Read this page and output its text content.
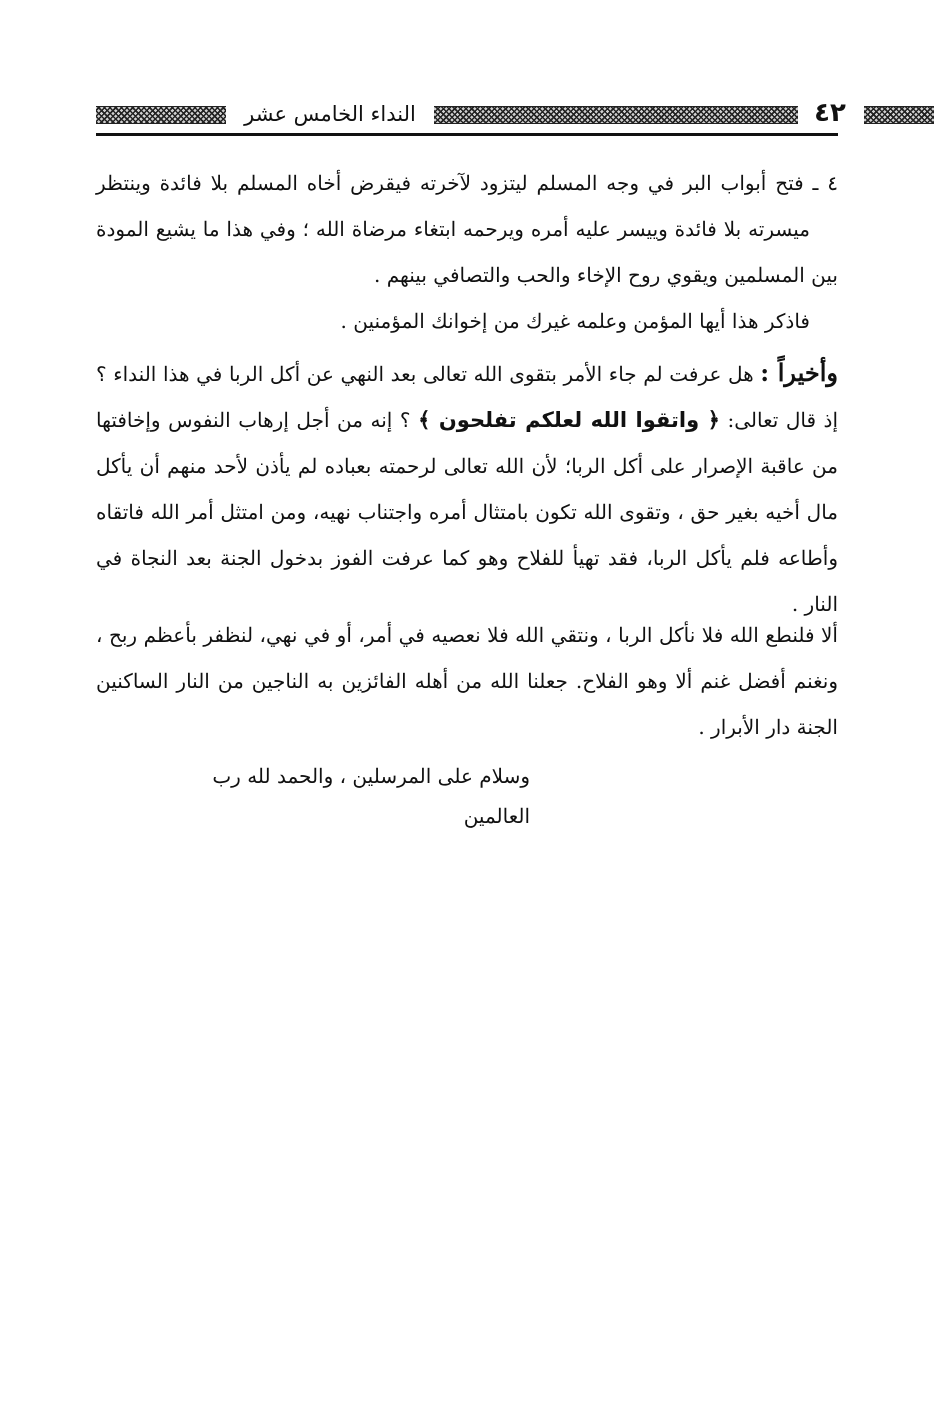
النداء الخامس عشر	٤٢

٤ ـ فتح أبواب البر في وجه المسلم ليتزود لآخرته فيقرض أخاه المسلم بلا فائدة وينتظر ميسرته بلا فائدة وييسر عليه أمره ويرحمه ابتغاء مرضاة الله ؛ وفي هذا ما يشيع المودة بين المسلمين ويقوي روح الإخاء والحب والتصافي بينهم .

فاذكر هذا أيها المؤمن وعلمه غيرك من إخوانك المؤمنين .

وأخيراً : هل عرفت لم جاء الأمر بتقوى الله تعالى بعد النهي عن أكل الربا في هذا النداء ؟ إذ قال تعالى: ﴿ واتقوا الله لعلكم تفلحون ﴾ ؟ إنه من أجل إرهاب النفوس وإخافتها من عاقبة الإصرار على أكل الربا؛ لأن الله تعالى لرحمته بعباده لم يأذن لأحد منهم أن يأكل مال أخيه بغير حق ، وتقوى الله تكون بامتثال أمره واجتناب نهيه، ومن امتثل أمر الله فاتقاه وأطاعه فلم يأكل الربا، فقد تهيأ للفلاح وهو كما عرفت الفوز بدخول الجنة بعد النجاة في النار .

ألا فلنطع الله فلا نأكل الربا ، ونتقي الله فلا نعصيه في أمر، أو في نهي، لنظفر بأعظم ربح ، ونغنم أفضل غنم ألا وهو الفلاح. جعلنا الله من أهله الفائزين به الناجين من النار الساكنين الجنة دار الأبرار .

وسلام على المرسلين ، والحمد لله رب العالمين
